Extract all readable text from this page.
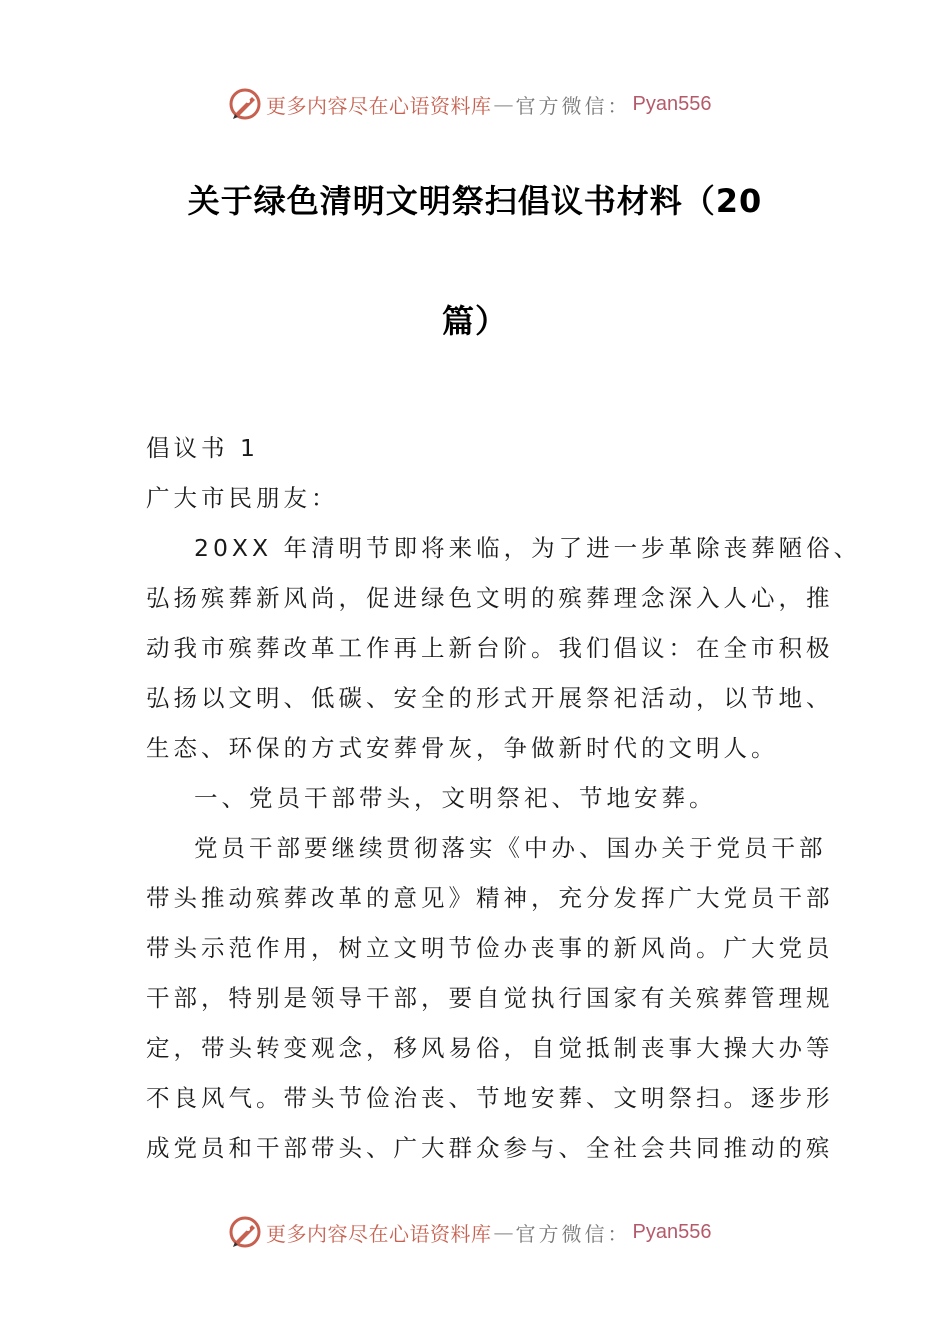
更多内容尽在心语资料库 — 官方微信： Pyan556
关于绿色清明文明祭扫倡议书材料（20
篇）
倡议书 1
广大市民朋友：
20XX 年清明节即将来临，为了进一步革除丧葬陋俗、
弘扬殡葬新风尚，促进绿色文明的殡葬理念深入人心，推
动我市殡葬改革工作再上新台阶。我们倡议：在全市积极
弘扬以文明、低碳、安全的形式开展祭祀活动，以节地、
生态、环保的方式安葬骨灰，争做新时代的文明人。
一、党员干部带头，文明祭祀、节地安葬。
党员干部要继续贯彻落实《中办、国办关于党员干部
带头推动殡葬改革的意见》精神，充分发挥广大党员干部
带头示范作用，树立文明节俭办丧事的新风尚。广大党员
干部，特别是领导干部，要自觉执行国家有关殡葬管理规
定，带头转变观念，移风易俗，自觉抵制丧事大操大办等
不良风气。带头节俭治丧、节地安葬、文明祭扫。逐步形
成党员和干部带头、广大群众参与、全社会共同推动的殡
更多内容尽在心语资料库 — 官方微信： Pyan556
